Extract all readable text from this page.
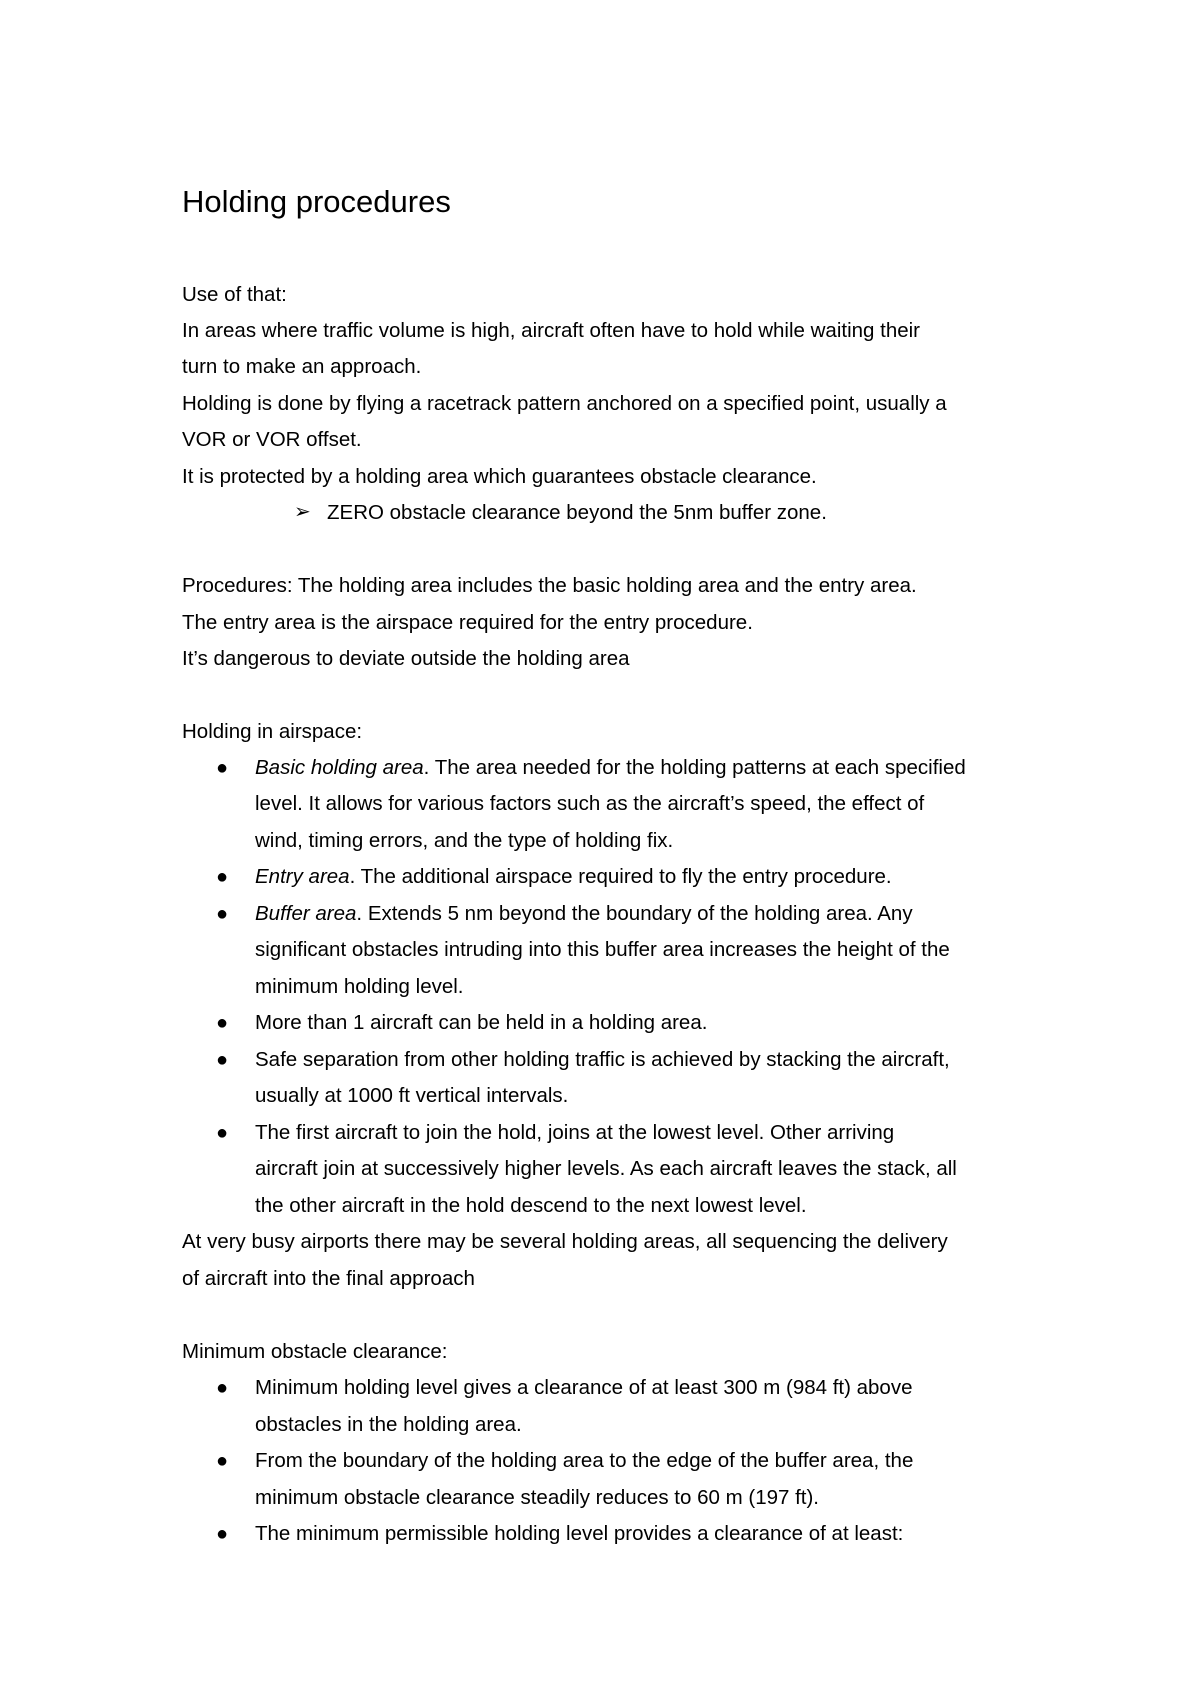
Holding procedures
Use of that:
In areas where traffic volume is high, aircraft often have to hold while waiting their
turn to make an approach.
Holding is done by flying a racetrack pattern anchored on a specified point, usually a
VOR or VOR offset.
It is protected by a holding area which guarantees obstacle clearance.
➢ ZERO obstacle clearance beyond the 5nm buffer zone.
Procedures: The holding area includes the basic holding area and the entry area.
The entry area is the airspace required for the entry procedure.
It’s dangerous to deviate outside the holding area
Holding in airspace:
● Basic holding area. The area needed for the holding patterns at each specified
level. It allows for various factors such as the aircraft’s speed, the effect of
wind, timing errors, and the type of holding fix.
● Entry area. The additional airspace required to fly the entry procedure.
● Buffer area. Extends 5 nm beyond the boundary of the holding area. Any
significant obstacles intruding into this buffer area increases the height of the
minimum holding level.
● More than 1 aircraft can be held in a holding area.
● Safe separation from other holding traffic is achieved by stacking the aircraft,
usually at 1000 ft vertical intervals.
● The first aircraft to join the hold, joins at the lowest level. Other arriving
aircraft join at successively higher levels. As each aircraft leaves the stack, all
the other aircraft in the hold descend to the next lowest level.
At very busy airports there may be several holding areas, all sequencing the delivery
of aircraft into the final approach
Minimum obstacle clearance:
● Minimum holding level gives a clearance of at least 300 m (984 ft) above
obstacles in the holding area.
● From the boundary of the holding area to the edge of the buffer area, the
minimum obstacle clearance steadily reduces to 60 m (197 ft).
● The minimum permissible holding level provides a clearance of at least:
